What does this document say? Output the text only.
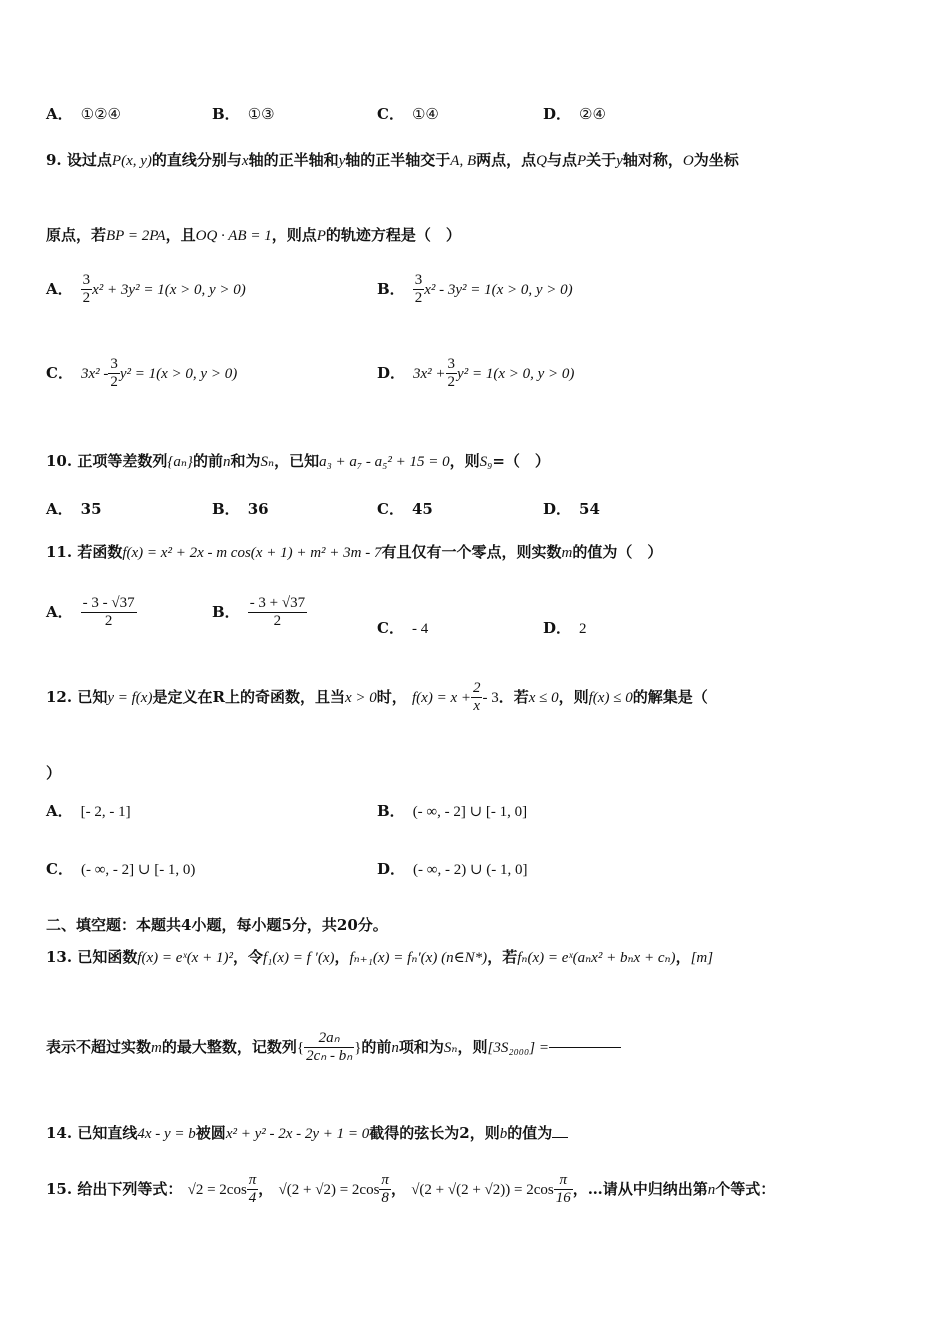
A． ①②④	B． ①③	C． ①④	D． ②④
9. 设过点P(x, y)的直线分别与x轴的正半轴和y轴的正半轴交于A, B两点，点Q与点P关于y轴对称，O为坐标
原点，若BP = 2PA，且OQ · AB = 1，则点P的轨迹方程是（　）
A． $\frac{3}{2} x^2 + 3y^2 = 1(x > 0$, y > 0)	B． $\frac{3}{2} x^2 - 3y^2 = 1(x > 0$, y > 0)
C． $3x^2 - \frac{3}{2} y^2 = 1(x > 0$, y > 0)	D． $3x^2 + \frac{3}{2} y^2 = 1(x > 0$, y > 0)
10. 正项等差数列{aₙ}的前n和为Sₙ，已知a₃ + a₇ - a₅² + 15 = 0，则S₉=（　）
A． 35	B． 36	C． 45	D． 54
11. 若函数f(x) = x² + 2x - m cos(x + 1) + m² + 3m - 7有且仅有一个零点，则实数m的值为（　）
A． $\frac{- 3 - √37}{2}$	B． $\frac{- 3 + √37}{2}$	C． - 4	D． 2
12. 已知y = f(x)是定义在R上的奇函数，且当x > 0时， $f(x) = x + \frac{2}{x} - 3$．若x ≤ 0，则f(x) ≤ 0的解集是（
）
A． [- 2, - 1]	B． (- ∞, - 2] ∪ [- 1, 0]
C． (- ∞, - 2] ∪ [- 1, 0)	D． (- ∞, - 2) ∪ (- 1, 0]
二、填空题：本题共4小题，每小题5分，共20分。
13. 已知函数f(x) = eˣ(x + 1)²，令f₁(x) = f ′(x)，fₙ₊₁(x) = fₙ′(x) (n∈N*)，若fₙ(x) = eˣ(aₙx² + bₙx + cₙ)，[m]
表示不超过实数m的最大整数，记数列{ $\frac{\text{2aₙ}}{\text{2cₙ - bₙ}}$ }的前n项和为Sₙ，则[3S₂₀₀₀] =
14. 已知直线4x - y = b被圆x² + y² - 2x - 2y + 1 = 0截得的弦长为2，则b的值为
15. 给出下列等式： $√2 = 2\cos \frac{\pi}{4}$ ， $√(2 + √2) = 2\cos \frac{\pi}{8}$ ， $√(2 + √(2 + √2)) = 2\cos \frac{\pi}{16}$ ，…请从中归纳出第n个等式：
